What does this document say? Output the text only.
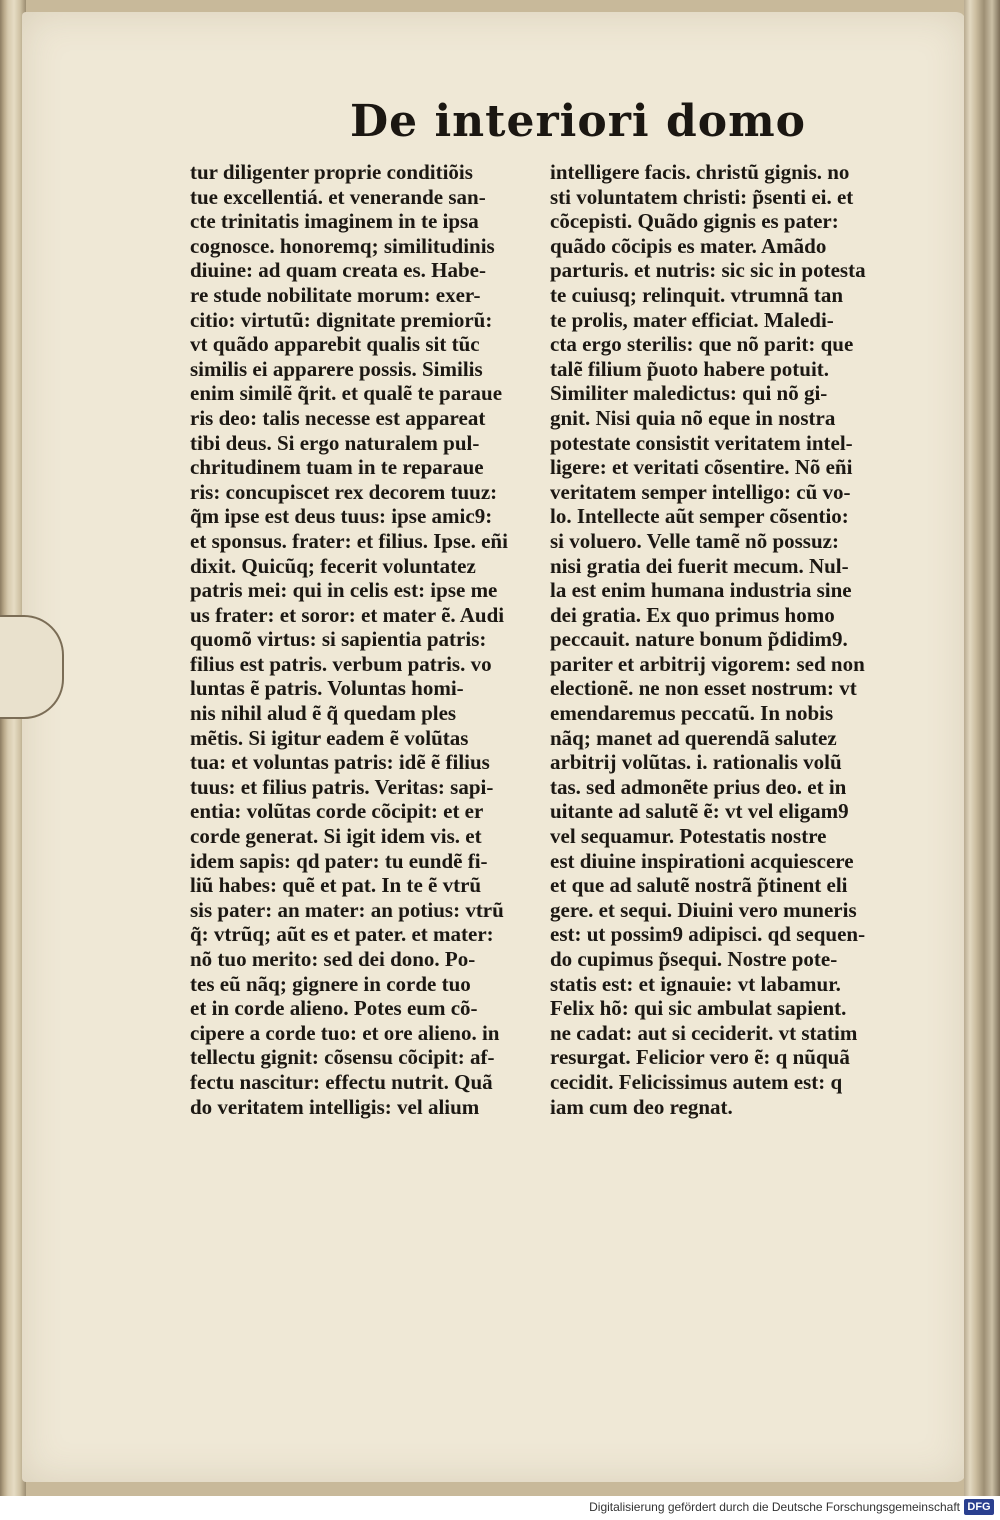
De interiori domo
tur diligenter proprie conditiõis
tue excellentiá. et venerande san-
cte trinitatis imaginem in te ipsa
cognosce. honoremq; similitudinis
diuine: ad quam creata es. Habe-
re stude nobilitate morum: exer-
citio: virtutũ: dignitate premiorũ:
vt quãdo apparebit qualis sit tũc
similis ei apparere possis. Similis
enim similẽ q̃rit. et qualẽ te paraue
ris deo: talis necesse est appareat
tibi deus. Si ergo naturalem pul-
chritudinem tuam in te reparaue
ris: concupiscet rex decorem tuuz:
q̃m ipse est deus tuus: ipse amic9:
et sponsus. frater: et filius. Ipse. eñi
dixit. Quicũq; fecerit voluntatez
patris mei: qui in celis est: ipse me
us frater: et soror: et mater ẽ. Audi
quomõ virtus: si sapientia patris:
filius est patris. verbum patris. vo
luntas ẽ patris. Voluntas homi-
nis nihil alud ẽ q̃ quedam ples
mẽtis. Si igitur eadem ẽ volũtas
tua: et voluntas patris: idẽ ẽ filius
tuus: et filius patris. Veritas: sapi-
entia: volũtas corde cõcipit: et er
corde generat. Si igit idem vis. et
idem sapis: qd pater: tu eundẽ fi-
liũ habes: quẽ et pat. In te ẽ vtrũ
sis pater: an mater: an potius: vtrũ
q̃: vtrũq; aũt es et pater. et mater:
nõ tuo merito: sed dei dono. Po-
tes eũ nãq; gignere in corde tuo
et in corde alieno. Potes eum cõ-
cipere a corde tuo: et ore alieno. in
tellectu gignit: cõsensu cõcipit: af-
fectu nascitur: effectu nutrit. Quã
do veritatem intelligis: vel alium
intelligere facis. christũ gignis. no
sti voluntatem christi: p̃senti ei. et
cõcepisti. Quãdo gignis es pater:
quãdo cõcipis es mater. Amãdo
parturis. et nutris: sic sic in potesta
te cuiusq; relinquit. vtrumnã tan
te prolis, mater efficiat. Maledi-
cta ergo sterilis: que nõ parit: que
talẽ filium p̃uoto habere potuit.
Similiter maledictus: qui nõ gi-
gnit. Nisi quia nõ eque in nostra
potestate consistit veritatem intel-
ligere: et veritati cõsentire. Nõ eñi
veritatem semper intelligo: cũ vo-
lo. Intellecte aũt semper cõsentio:
si voluero. Velle tamẽ nõ possuz:
nisi gratia dei fuerit mecum. Nul-
la est enim humana industria sine
dei gratia. Ex quo primus homo
peccauit. nature bonum p̃didim9.
pariter et arbitrij vigorem: sed non
electionẽ. ne non esset nostrum: vt
emendaremus peccatũ. In nobis
nãq; manet ad querendã salutez
arbitrij volũtas. i. rationalis volũ
tas. sed admonẽte prius deo. et in
uitante ad salutẽ ẽ: vt vel eligam9
vel sequamur. Potestatis nostre
est diuine inspirationi acquiescere
et que ad salutẽ nostrã p̃tinent eli
gere. et sequi. Diuini vero muneris
est: ut possim9 adipisci. qd sequen-
do cupimus p̃sequi. Nostre pote-
statis est: et ignauie: vt labamur.
Felix hõ: qui sic ambulat sapient.
ne cadat: aut si ceciderit. vt statim
resurgat. Felicior vero ẽ: q nũquã
cecidit. Felicissimus autem est: q
iam cum deo regnat.
Digitalisierung gefördert durch die Deutsche Forschungsgemeinschaft DFG
